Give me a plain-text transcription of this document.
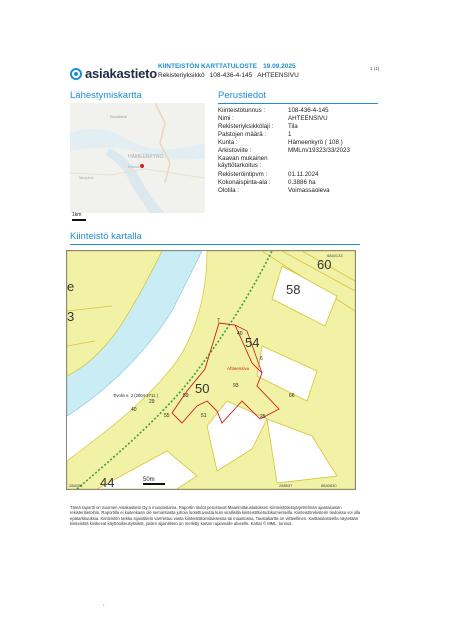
asiakastieto KIINTEISTÖN KARTTATULOSTE 19.09.2025
Rekisteriyksikkö 108-436-4-145 AHTEENSIVU
1 (1)
Lähestymiskartta	Perustiedot
Ruoklahti
HÄMEENKYRÖ
Kostula
Tampere
1km
Kiinteistötunnus :	108-436-4-145
Nimi :	AHTEENSIVU
Rekisteriyksikkölaji : Tila
Palstojen määrä :	1
Kunta :	Hämeenkyrö ( 108 )
Arkistoviite :	MMLm/19323/33/2023
Kaavan mukainen
käyttötarkoitus :
Rekisteröintipvm :	01.11.2024
Kokonaispinta-ala :	0.3886 ha
Olotila :	Voimassaoleva
Kiinteistö kartalla
60
58
54
50
44
3
e
7
40
6
93
59
29
40
55	51
66
25
Ahteensivu
Tivolin e. 2 (2004-2711 )
6840830
6840133
288203	288537
50m
Tämä raportti on Suomen Asiakastieto Oy:n muodostama. Raportin tiedot perustuvat Maanmittauslaitoksen Kiinteistötietojärjestelmän ajantasaisen rekisteritietoihin. Raportilla ei kuitenkaan ole semantiasta juhoia luotettuvuutta kuin virallisilla kiinteistötietodokumenteilla. Kiinteistörekisterin tiedoissa voi olla epätarkkuuksia. Kiinteistön tarkka sijaintitieto varmistuu vasta kiinteistötoimituksessa tai maastossa. Taustakartta on viitteellinen. Karttatulosteella näytetään kiinteistöä koskevat käyttöoikeusyksiköt, joiden sijaintitieto on merkitty kartan rajaamalle alueelle. Kartat © MML, tunnus:
•
